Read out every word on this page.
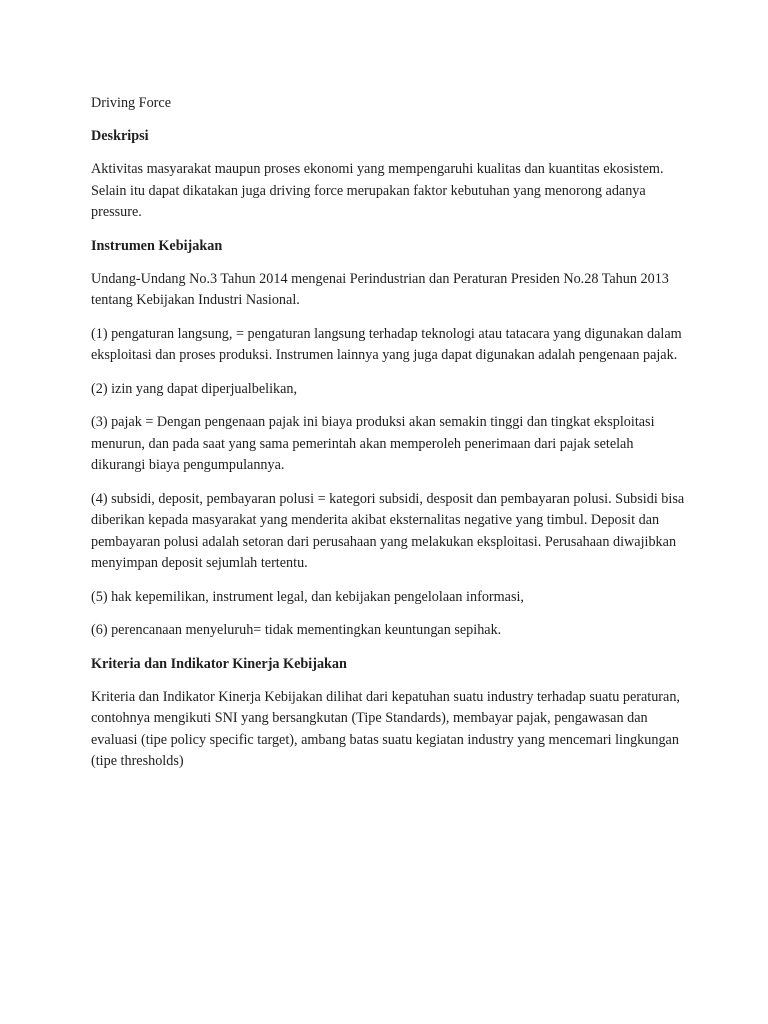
Driving Force

Deskripsi

Aktivitas masyarakat maupun proses ekonomi yang mempengaruhi kualitas dan kuantitas ekosistem. Selain itu dapat dikatakan juga driving force merupakan faktor kebutuhan yang menorong adanya pressure.

Instrumen Kebijakan

Undang-Undang No.3 Tahun 2014 mengenai Perindustrian dan Peraturan Presiden No.28 Tahun 2013 tentang Kebijakan Industri Nasional.

(1) pengaturan langsung, = pengaturan langsung terhadap teknologi atau tatacara yang digunakan dalam eksploitasi dan proses produksi. Instrumen lainnya yang juga dapat digunakan adalah pengenaan pajak.

(2) izin yang dapat diperjualbelikan,

(3) pajak = Dengan pengenaan pajak ini biaya produksi akan semakin tinggi dan tingkat eksploitasi menurun, dan pada saat yang sama pemerintah akan memperoleh penerimaan dari pajak setelah dikurangi biaya pengumpulannya.

(4) subsidi, deposit, pembayaran polusi = kategori subsidi, desposit dan pembayaran polusi. Subsidi bisa diberikan kepada masyarakat yang menderita akibat eksternalitas negative yang timbul. Deposit dan pembayaran polusi adalah setoran dari perusahaan yang melakukan eksploitasi. Perusahaan diwajibkan menyimpan deposit sejumlah tertentu.

(5) hak kepemilikan, instrument legal, dan kebijakan pengelolaan informasi,

(6) perencanaan menyeluruh= tidak mementingkan keuntungan sepihak.

Kriteria dan Indikator Kinerja Kebijakan

Kriteria dan Indikator Kinerja Kebijakan dilihat dari kepatuhan suatu industry terhadap suatu peraturan, contohnya mengikuti SNI yang bersangkutan (Tipe Standards), membayar pajak, pengawasan dan evaluasi (tipe policy specific target), ambang batas suatu kegiatan industry yang mencemari lingkungan (tipe thresholds)
